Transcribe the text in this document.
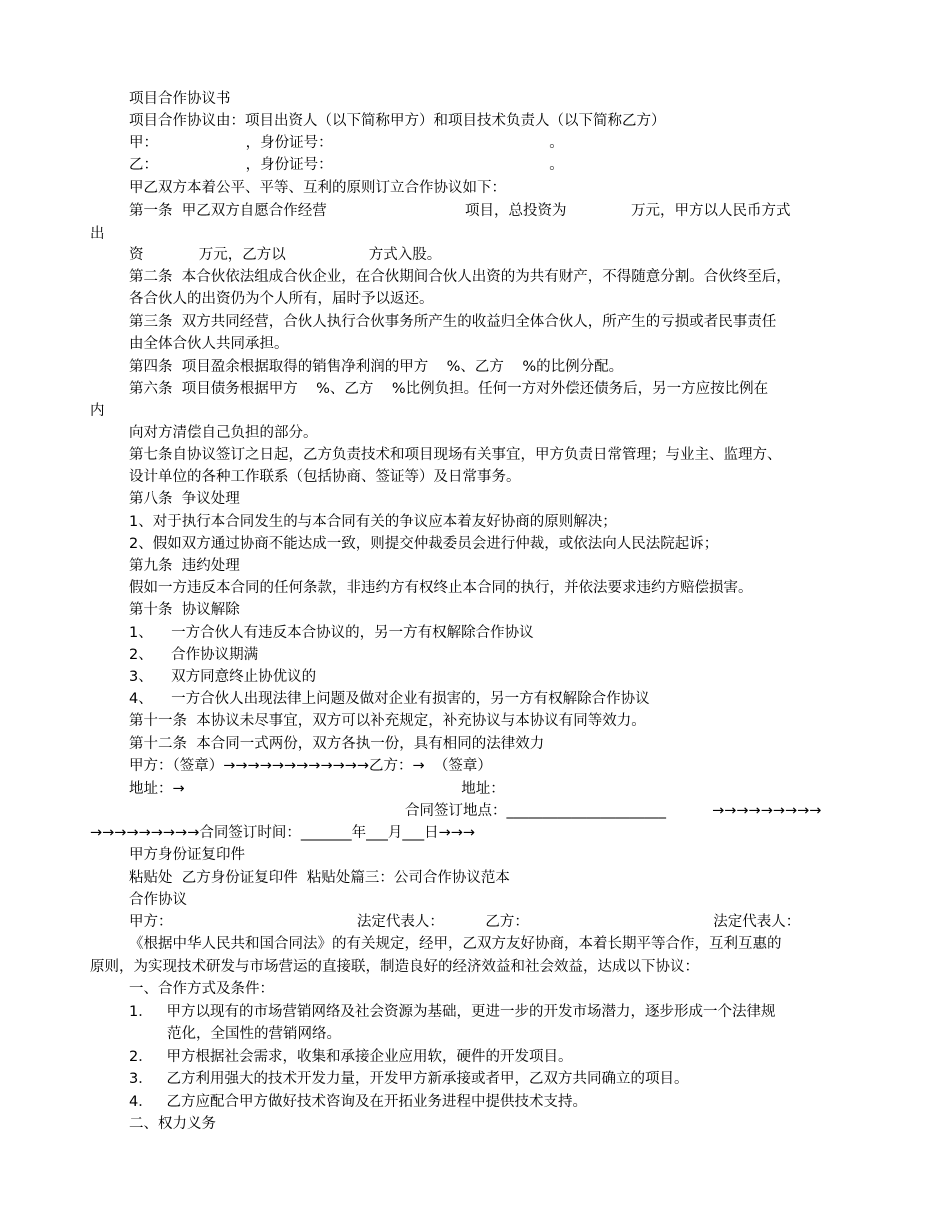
项目合作协议书
项目合作协议由：项目出资人（以下简称甲方）和项目技术负责人（以下简称乙方）
甲：                   ，身份证号：                                               。
乙：                   ，身份证号：                                               。
甲乙双方本着公平、平等、互利的原则订立合作协议如下：
第一条  甲乙双方自愿合作经营                              项目，总投资为              万元，甲方以人民币方式
出
资            万元，乙方以                  方式入股。
第二条  本合伙依法组成合伙企业，在合伙期间合伙人出资的为共有财产，不得随意分割。合伙终至后，
各合伙人的出资仍为个人所有，届时予以返还。
第三条  双方共同经营，合伙人执行合伙事务所产生的收益归全体合伙人，所产生的亏损或者民事责任
由全体合伙人共同承担。
第四条  项目盈余根据取得的销售净利润的甲方    %、乙方    %的比例分配。
第六条  项目债务根据甲方    %、乙方    %比例负担。任何一方对外偿还债务后，另一方应按比例在
内
向对方清偿自己负担的部分。
第七条自协议签订之日起，乙方负责技术和项目现场有关事宜，甲方负责日常管理；与业主、监理方、
设计单位的各种工作联系（包括协商、签证等）及日常事务。
第八条  争议处理
1、对于执行本合同发生的与本合同有关的争议应本着友好协商的原则解决；
2、假如双方通过协商不能达成一致，则提交仲裁委员会进行仲裁，或依法向人民法院起诉；
第九条  违约处理
假如一方违反本合同的任何条款，非违约方有权终止本合同的执行，并依法要求违约方赔偿损害。
第十条  协议解除
1、    一方合伙人有违反本合协议的，另一方有权解除合作协议
2、    合作协议期满
3、    双方同意终止协优议的
4、    一方合伙人出现法律上问题及做对企业有损害的，另一方有权解除合作协议
第十一条  本协议未尽事宜，双方可以补充规定，补充协议与本协议有同等效力。
第十二条  本合同一式两份，双方各执一份，具有相同的法律效力
甲方：（签章）→→→→→→→→→→→→乙方：→  （签章）
地址：→                                                            地址：
合同签订地点：______________________          →→→→→→→→→
→→→→→→→→→合同签订时间：_______年___月___日→→→
甲方身份证复印件
粘贴处  乙方身份证复印件  粘贴处篇三：公司合作协议范本
合作协议
甲方：                                        法定代表人：         乙方：                                        法定代表人：
《根据中华人民共和国合同法》的有关规定，经甲，乙双方友好协商，本着长期平等合作，互利互惠的
原则，为实现技术研发与市场营运的直接联，制造良好的经济效益和社会效益，达成以下协议：
一、合作方式及条件：
1．   甲方以现有的市场营销网络及社会资源为基础，更进一步的开发市场潜力，逐步形成一个法律规
范化，全国性的营销网络。
2．   甲方根据社会需求，收集和承接企业应用软，硬件的开发项目。
3．   乙方利用强大的技术开发力量，开发甲方新承接或者甲，乙双方共同确立的项目。
4．   乙方应配合甲方做好技术咨询及在开拓业务进程中提供技术支持。
二、权力义务
